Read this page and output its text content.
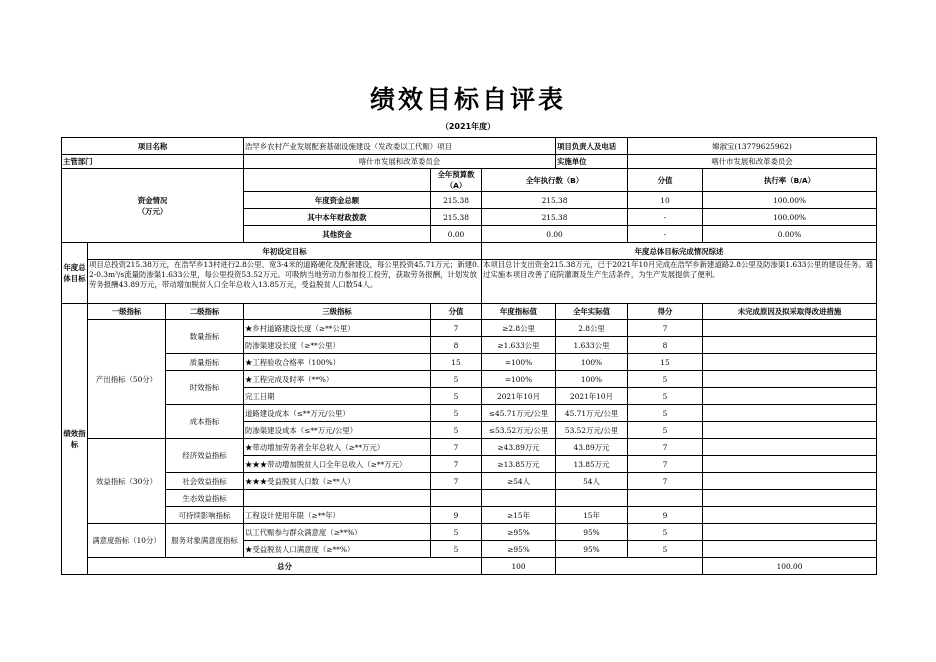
绩效目标自评表
（2021年度）
项目名称			浩罕乡农村产业发展配套基础设施建设（发改委以工代赈）项目			项目负责人及电话	嫦淑宝(13779625962)		
主管部门			喀什市发展和改革委员会			实施单位	喀什市发展和改革委员会		

资金情况
（万元）				全年预算数（A）	全年执行数（B）		分值	执行率（B/A）	
			年度资金总额	215.38	215.38		10	100.00%	
			其中本年财政拨款	215.38	215.38		-	100.00%	
			其他资金	0.00	0.00		-	0.00%	
年度总体目标	年初设定目标				年度总体目标完成情况综述				
	项目总投资215.38万元，在浩罕乡13村进行2.8公里、宽3-4米的道路硬化及配套建设，每公里投资45.71万元；新建0.2-0.3m³/s流量防渗渠1.633公里，每公里投资53.52万元。可吸纳当地劳动力参加投工投劳，获取劳务报酬，计划发放劳务报酬43.89万元，带动增加脱贫人口全年总收入13.85万元，受益脱贫人口数54人。				本项目总计支出资金215.38万元，已于2021年10月完成在浩罕乡新建道路2.8公里及防渗渠1.633公里的建设任务。通过实施本项目改善了庭院灌溉及生产生活条件，为生产发展提供了便利。				
绩效指标	一级指标	二级指标	三级指标	分值	年度指标值	全年实际值	得分	未完成原因及拟采取得改进措施	
	产出指标（50分）	数量指标	★乡村道路建设长度（≥**公里）	7	≥2.8公里	2.8公里	7		
			防渗渠建设长度（≥**公里）	8	≥1.633公里	1.633公里	8		
		质量指标	★工程验收合格率（100%）	15	=100%	100%	15		
		时效指标	★工程完成及时率（**%）	5	=100%	100%	5		
			完工日期	5	2021年10月	2021年10月	5		
		成本指标	道路建设成本（≤**万元/公里）	5	≤45.71万元/公里	45.71万元/公里	5		
			防渗渠建设成本（≤**万元/公里）	5	≤53.52万元/公里	53.52万元/公里	5		
	效益指标（30分）	经济效益指标	★带动增加劳务者全年总收入（≥**万元）	7	≥43.89万元	43.89万元	7		
			★★★带动增加脱贫人口全年总收入（≥**万元）	7	≥13.85万元	13.85万元	7		
		社会效益指标	★★★受益脱贫人口数（≥**人）	7	≥54人	54人	7		
		生态效益指标							
		可持续影响指标	工程设计使用年限（≥**年）	9	≥15年	15年	9		
	满意度指标（10分）	服务对象满意度指标	以工代赈参与群众满意度（≥**%）	5	≥95%	95%	5		
			★受益脱贫人口满意度（≥**%）	5	≥95%	95%	5		
	总分				100			100.00	
